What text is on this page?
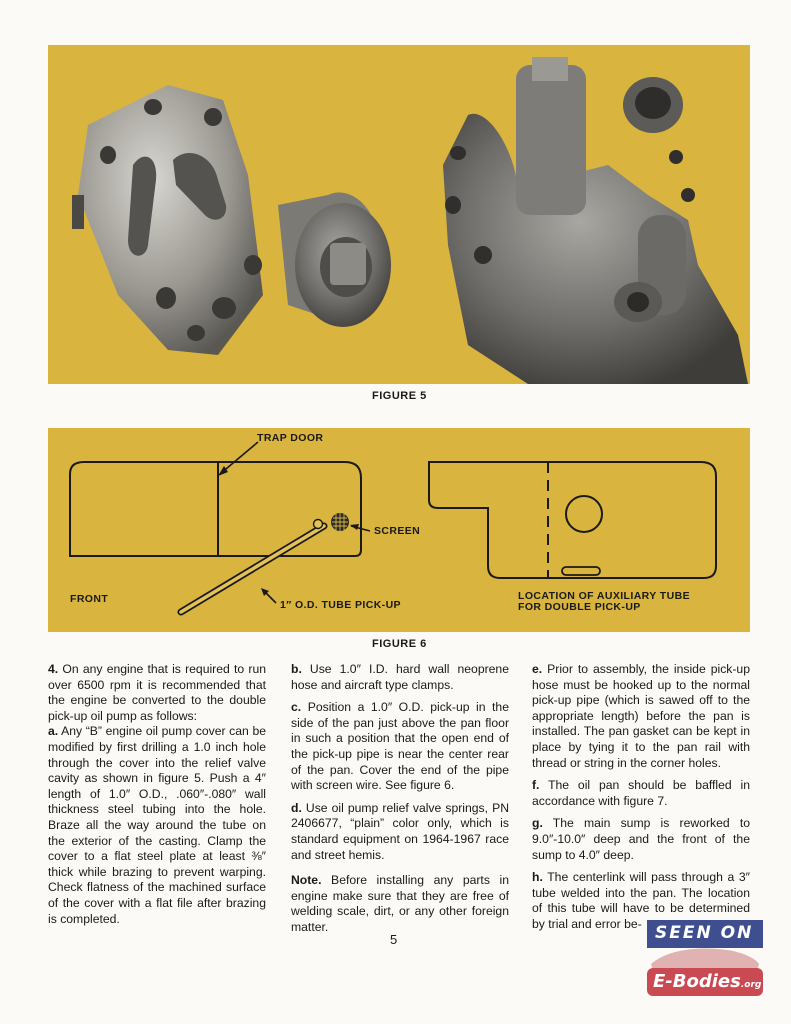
FIGURE 5
TRAP DOOR
SCREEN
FRONT	1″ O.D. TUBE PICK-UP
LOCATION OF AUXILIARY TUBE
FOR DOUBLE PICK-UP
FIGURE 6

4. On any engine that is required to run over 6500 rpm it is recommended that the engine be converted to the double pick-up oil pump as follows:

a. Any “B” engine oil pump cover can be modified by first drilling a 1.0 inch hole through the cover into the relief valve cavity as shown in figure 5. Push a 4″ length of 1.0″ O.D., .060″-.080″ wall thickness steel tubing into the hole. Braze all the way around the tube on the exterior of the casting. Clamp the cover to a flat steel plate at least ⅜″ thick while brazing to prevent warping. Check flatness of the machined surface of the cover with a flat file after brazing is completed.

b. Use 1.0″ I.D. hard wall neoprene hose and aircraft type clamps.

c. Position a 1.0″ O.D. pick-up in the side of the pan just above the pan floor in such a position that the open end of the pick-up pipe is near the center rear of the pan. Cover the end of the pipe with screen wire. See figure 6.

d. Use oil pump relief valve springs, PN 2406677, “plain” color only, which is standard equipment on 1964-1967 race and street hemis.

Note. Before installing any parts in engine make sure that they are free of welding scale, dirt, or any other foreign matter.

e. Prior to assembly, the inside pick-up hose must be hooked up to the normal pick-up pipe (which is sawed off to the appropriate length) before the pan is installed. The pan gasket can be kept in place by tying it to the pan rail with thread or string in the corner holes.

f. The oil pan should be baffled in accordance with figure 7.

g. The main sump is reworked to 9.0″-10.0″ deep and the front of the sump to 4.0″ deep.

h. The centerlink will pass through a 3″ tube welded into the pan. The location of this tube will have to be determined by trial and error be-

5	SEEN ON
E-Bodies.org
